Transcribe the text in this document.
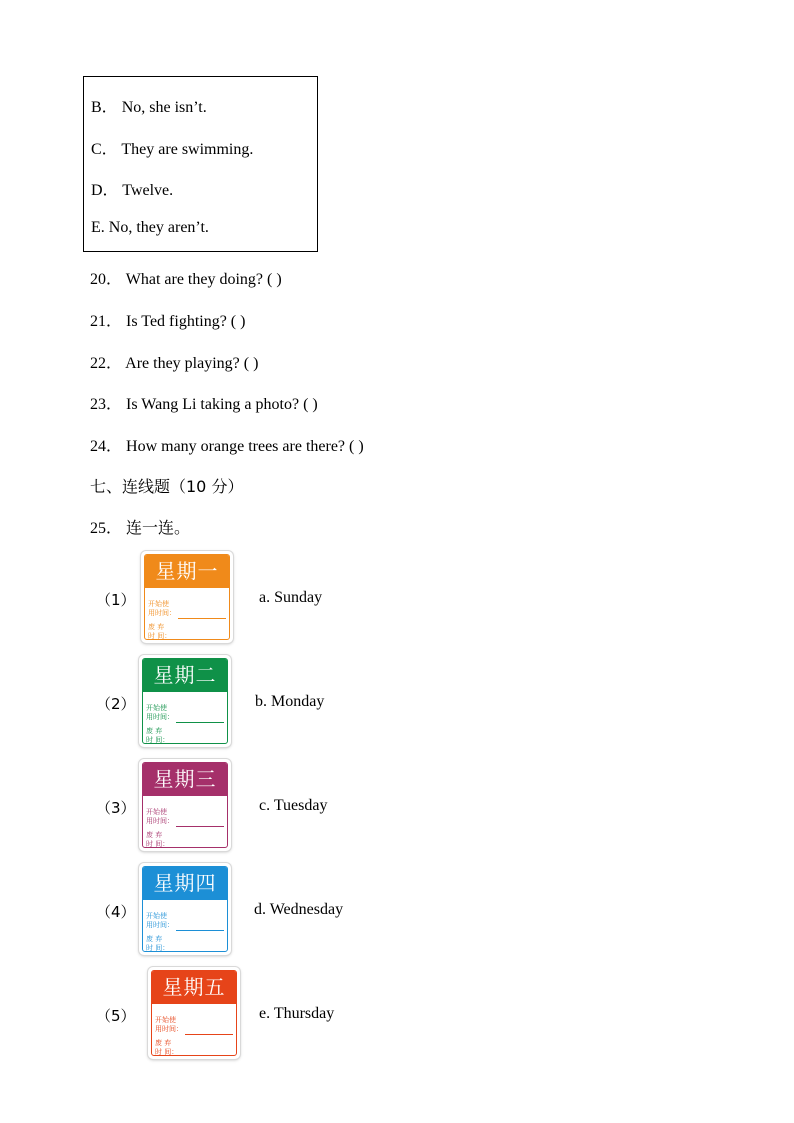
B． No, she isn’t.
C． They are swimming.
D． Twelve.
E. No, they aren’t.
20． What are they doing? ( )
21． Is Ted fighting? ( )
22． Are they playing? ( )
23． Is Wang Li taking a photo? ( )
24． How many orange trees are there? ( )
七、连线题（10 分）
25． 连一连。
（1）
星期一
开始使
用时间：
废 弃
时 间：
a. Sunday
（2）
星期二
开始使
用时间：
废 弃
时 间：
b. Monday
（3）
星期三
开始使
用时间：
废 弃
时 间：
c. Tuesday
（4）
星期四
开始使
用时间：
废 弃
时 间：
d. Wednesday
（5）
星期五
开始使
用时间：
废 弃
时 间：
e. Thursday
